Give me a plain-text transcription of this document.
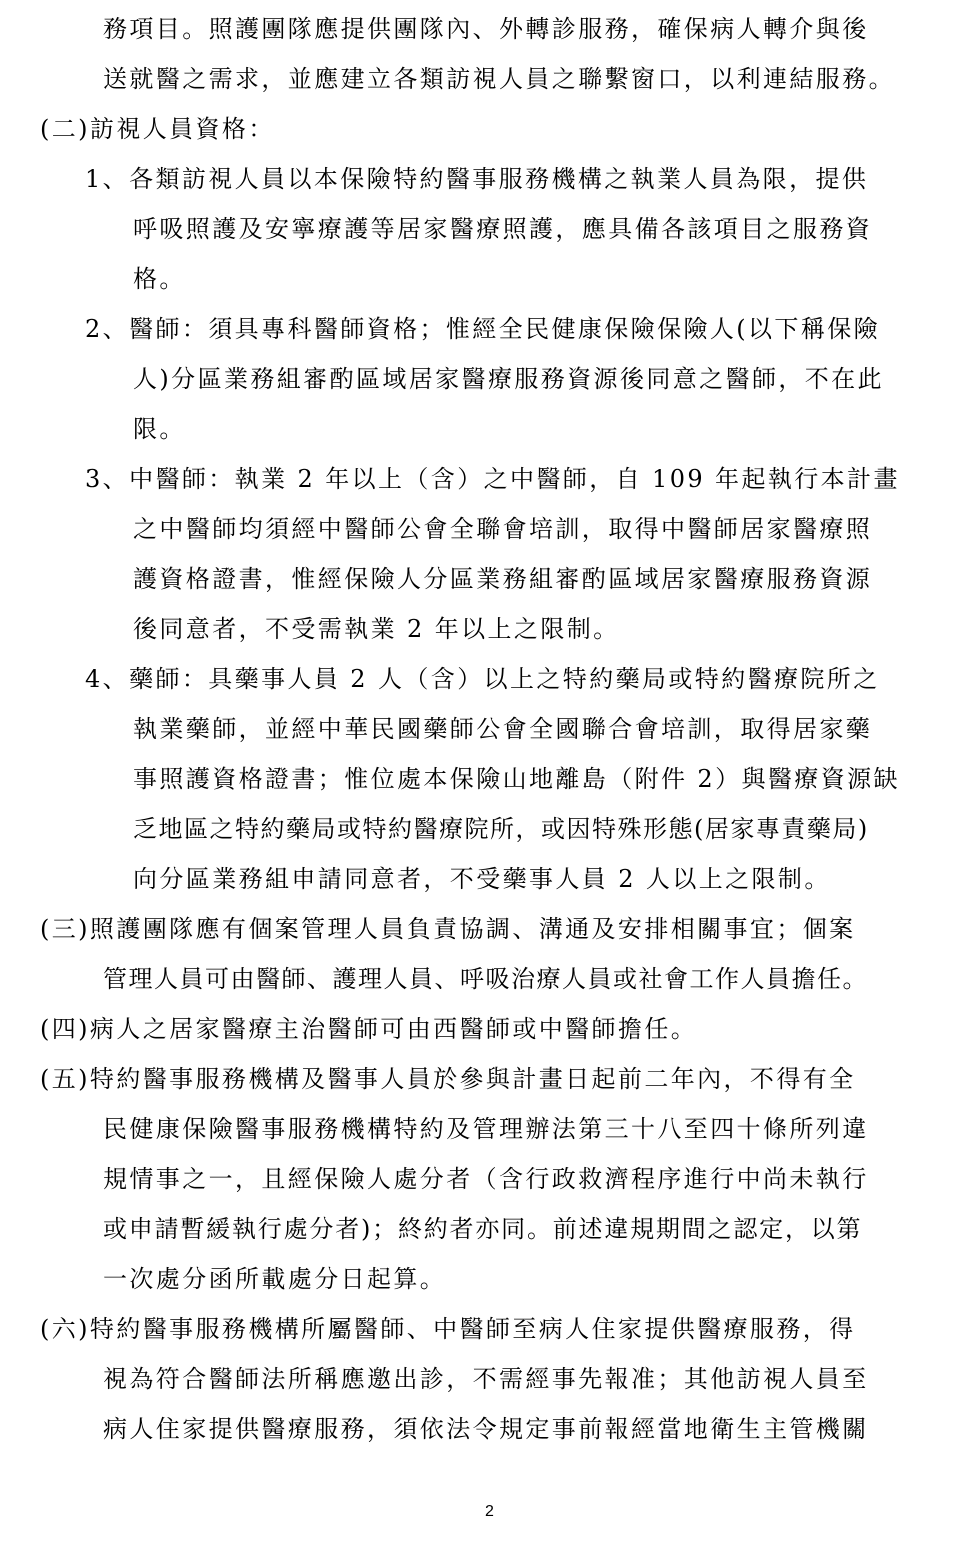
務項目。照護團隊應提供團隊內、外轉診服務，確保病人轉介與後
送就醫之需求，並應建立各類訪視人員之聯繫窗口，以利連結服務。
(二)訪視人員資格：
1、各類訪視人員以本保險特約醫事服務機構之執業人員為限，提供
呼吸照護及安寧療護等居家醫療照護，應具備各該項目之服務資
格。
2、醫師：須具專科醫師資格；惟經全民健康保險保險人(以下稱保險
人)分區業務組審酌區域居家醫療服務資源後同意之醫師，不在此
限。
3、中醫師：執業 2 年以上（含）之中醫師，自 109 年起執行本計畫
之中醫師均須經中醫師公會全聯會培訓，取得中醫師居家醫療照
護資格證書，惟經保險人分區業務組審酌區域居家醫療服務資源
後同意者，不受需執業 2 年以上之限制。
4、藥師：具藥事人員 2 人（含）以上之特約藥局或特約醫療院所之
執業藥師，並經中華民國藥師公會全國聯合會培訓，取得居家藥
事照護資格證書；惟位處本保險山地離島（附件 2）與醫療資源缺
乏地區之特約藥局或特約醫療院所，或因特殊形態(居家專責藥局)
向分區業務組申請同意者，不受藥事人員 2 人以上之限制。
(三)照護團隊應有個案管理人員負責協調、溝通及安排相關事宜；個案
管理人員可由醫師、護理人員、呼吸治療人員或社會工作人員擔任。
(四)病人之居家醫療主治醫師可由西醫師或中醫師擔任。
(五)特約醫事服務機構及醫事人員於參與計畫日起前二年內，不得有全
民健康保險醫事服務機構特約及管理辦法第三十八至四十條所列違
規情事之一，且經保險人處分者（含行政救濟程序進行中尚未執行
或申請暫緩執行處分者)；終約者亦同。前述違規期間之認定，以第
一次處分函所載處分日起算。
(六)特約醫事服務機構所屬醫師、中醫師至病人住家提供醫療服務，得
視為符合醫師法所稱應邀出診，不需經事先報准；其他訪視人員至
病人住家提供醫療服務，須依法令規定事前報經當地衛生主管機關
2
